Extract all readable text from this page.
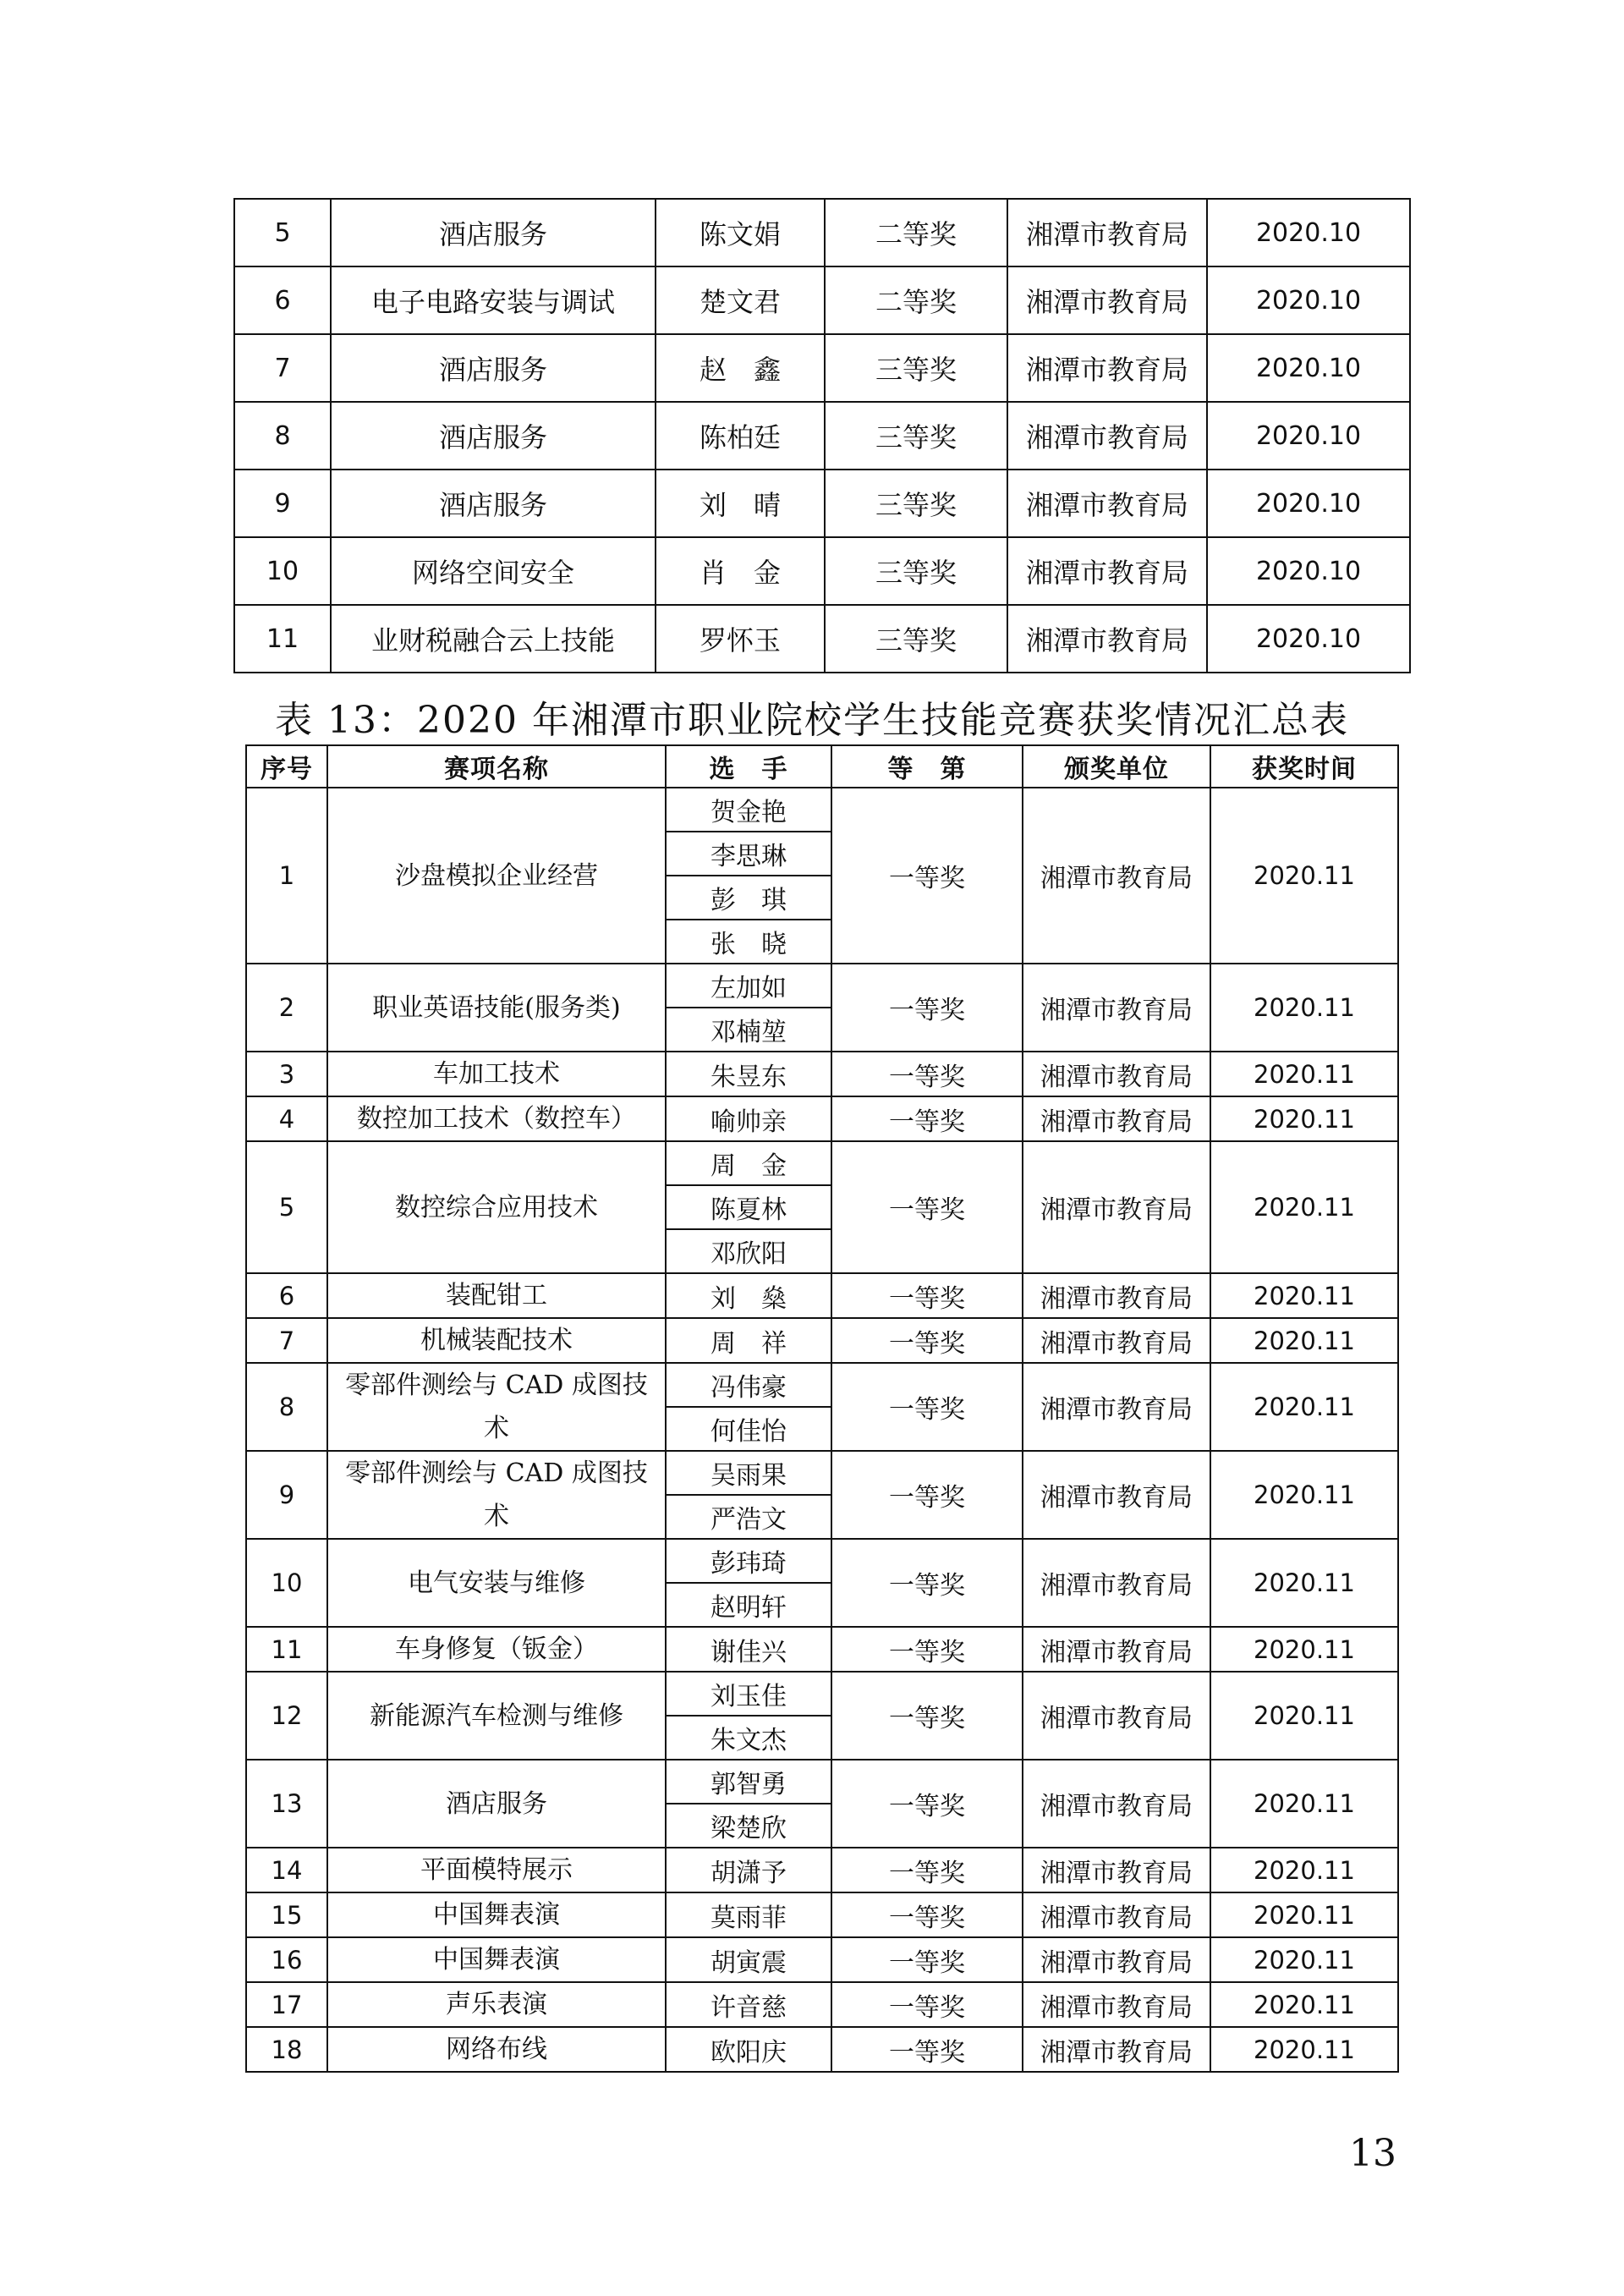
5	酒店服务	陈文娟	二等奖	湘潭市教育局	2020.10
6	电子电路安装与调试	楚文君	二等奖	湘潭市教育局	2020.10
7	酒店服务	赵　鑫	三等奖	湘潭市教育局	2020.10
8	酒店服务	陈柏廷	三等奖	湘潭市教育局	2020.10
9	酒店服务	刘　晴	三等奖	湘潭市教育局	2020.10
10	网络空间安全	肖　金	三等奖	湘潭市教育局	2020.10
11	业财税融合云上技能	罗怀玉	三等奖	湘潭市教育局	2020.10
表 13：2020 年湘潭市职业院校学生技能竞赛获奖情况汇总表
序号	赛项名称	选　手	等　第	颁奖单位	获奖时间
1	沙盘模拟企业经营	贺金艳	一等奖	湘潭市教育局	2020.11
		李思琳			
		彭　琪			
		张　晓			
2	职业英语技能(服务类)	左加如	一等奖	湘潭市教育局	2020.11
		邓楠堃			
3	车加工技术	朱昱东	一等奖	湘潭市教育局	2020.11
4	数控加工技术（数控车）	喻帅亲	一等奖	湘潭市教育局	2020.11
5	数控综合应用技术	周　金	一等奖	湘潭市教育局	2020.11
		陈夏林			
		邓欣阳			
6	装配钳工	刘　燊	一等奖	湘潭市教育局	2020.11
7	机械装配技术	周　祥	一等奖	湘潭市教育局	2020.11
8	零部件测绘与 CAD 成图技术	冯伟豪	一等奖	湘潭市教育局	2020.11
		何佳怡			
9	零部件测绘与 CAD 成图技术	吴雨果	一等奖	湘潭市教育局	2020.11
		严浩文			
10	电气安装与维修	彭玮琦	一等奖	湘潭市教育局	2020.11
		赵明轩			
11	车身修复（钣金）	谢佳兴	一等奖	湘潭市教育局	2020.11
12	新能源汽车检测与维修	刘玉佳	一等奖	湘潭市教育局	2020.11
		朱文杰			
13	酒店服务	郭智勇	一等奖	湘潭市教育局	2020.11
		梁楚欣			
14	平面模特展示	胡潇予	一等奖	湘潭市教育局	2020.11
15	中国舞表演	莫雨菲	一等奖	湘潭市教育局	2020.11
16	中国舞表演	胡寅震	一等奖	湘潭市教育局	2020.11
17	声乐表演	许音慈	一等奖	湘潭市教育局	2020.11
18	网络布线	欧阳庆	一等奖	湘潭市教育局	2020.11
13
